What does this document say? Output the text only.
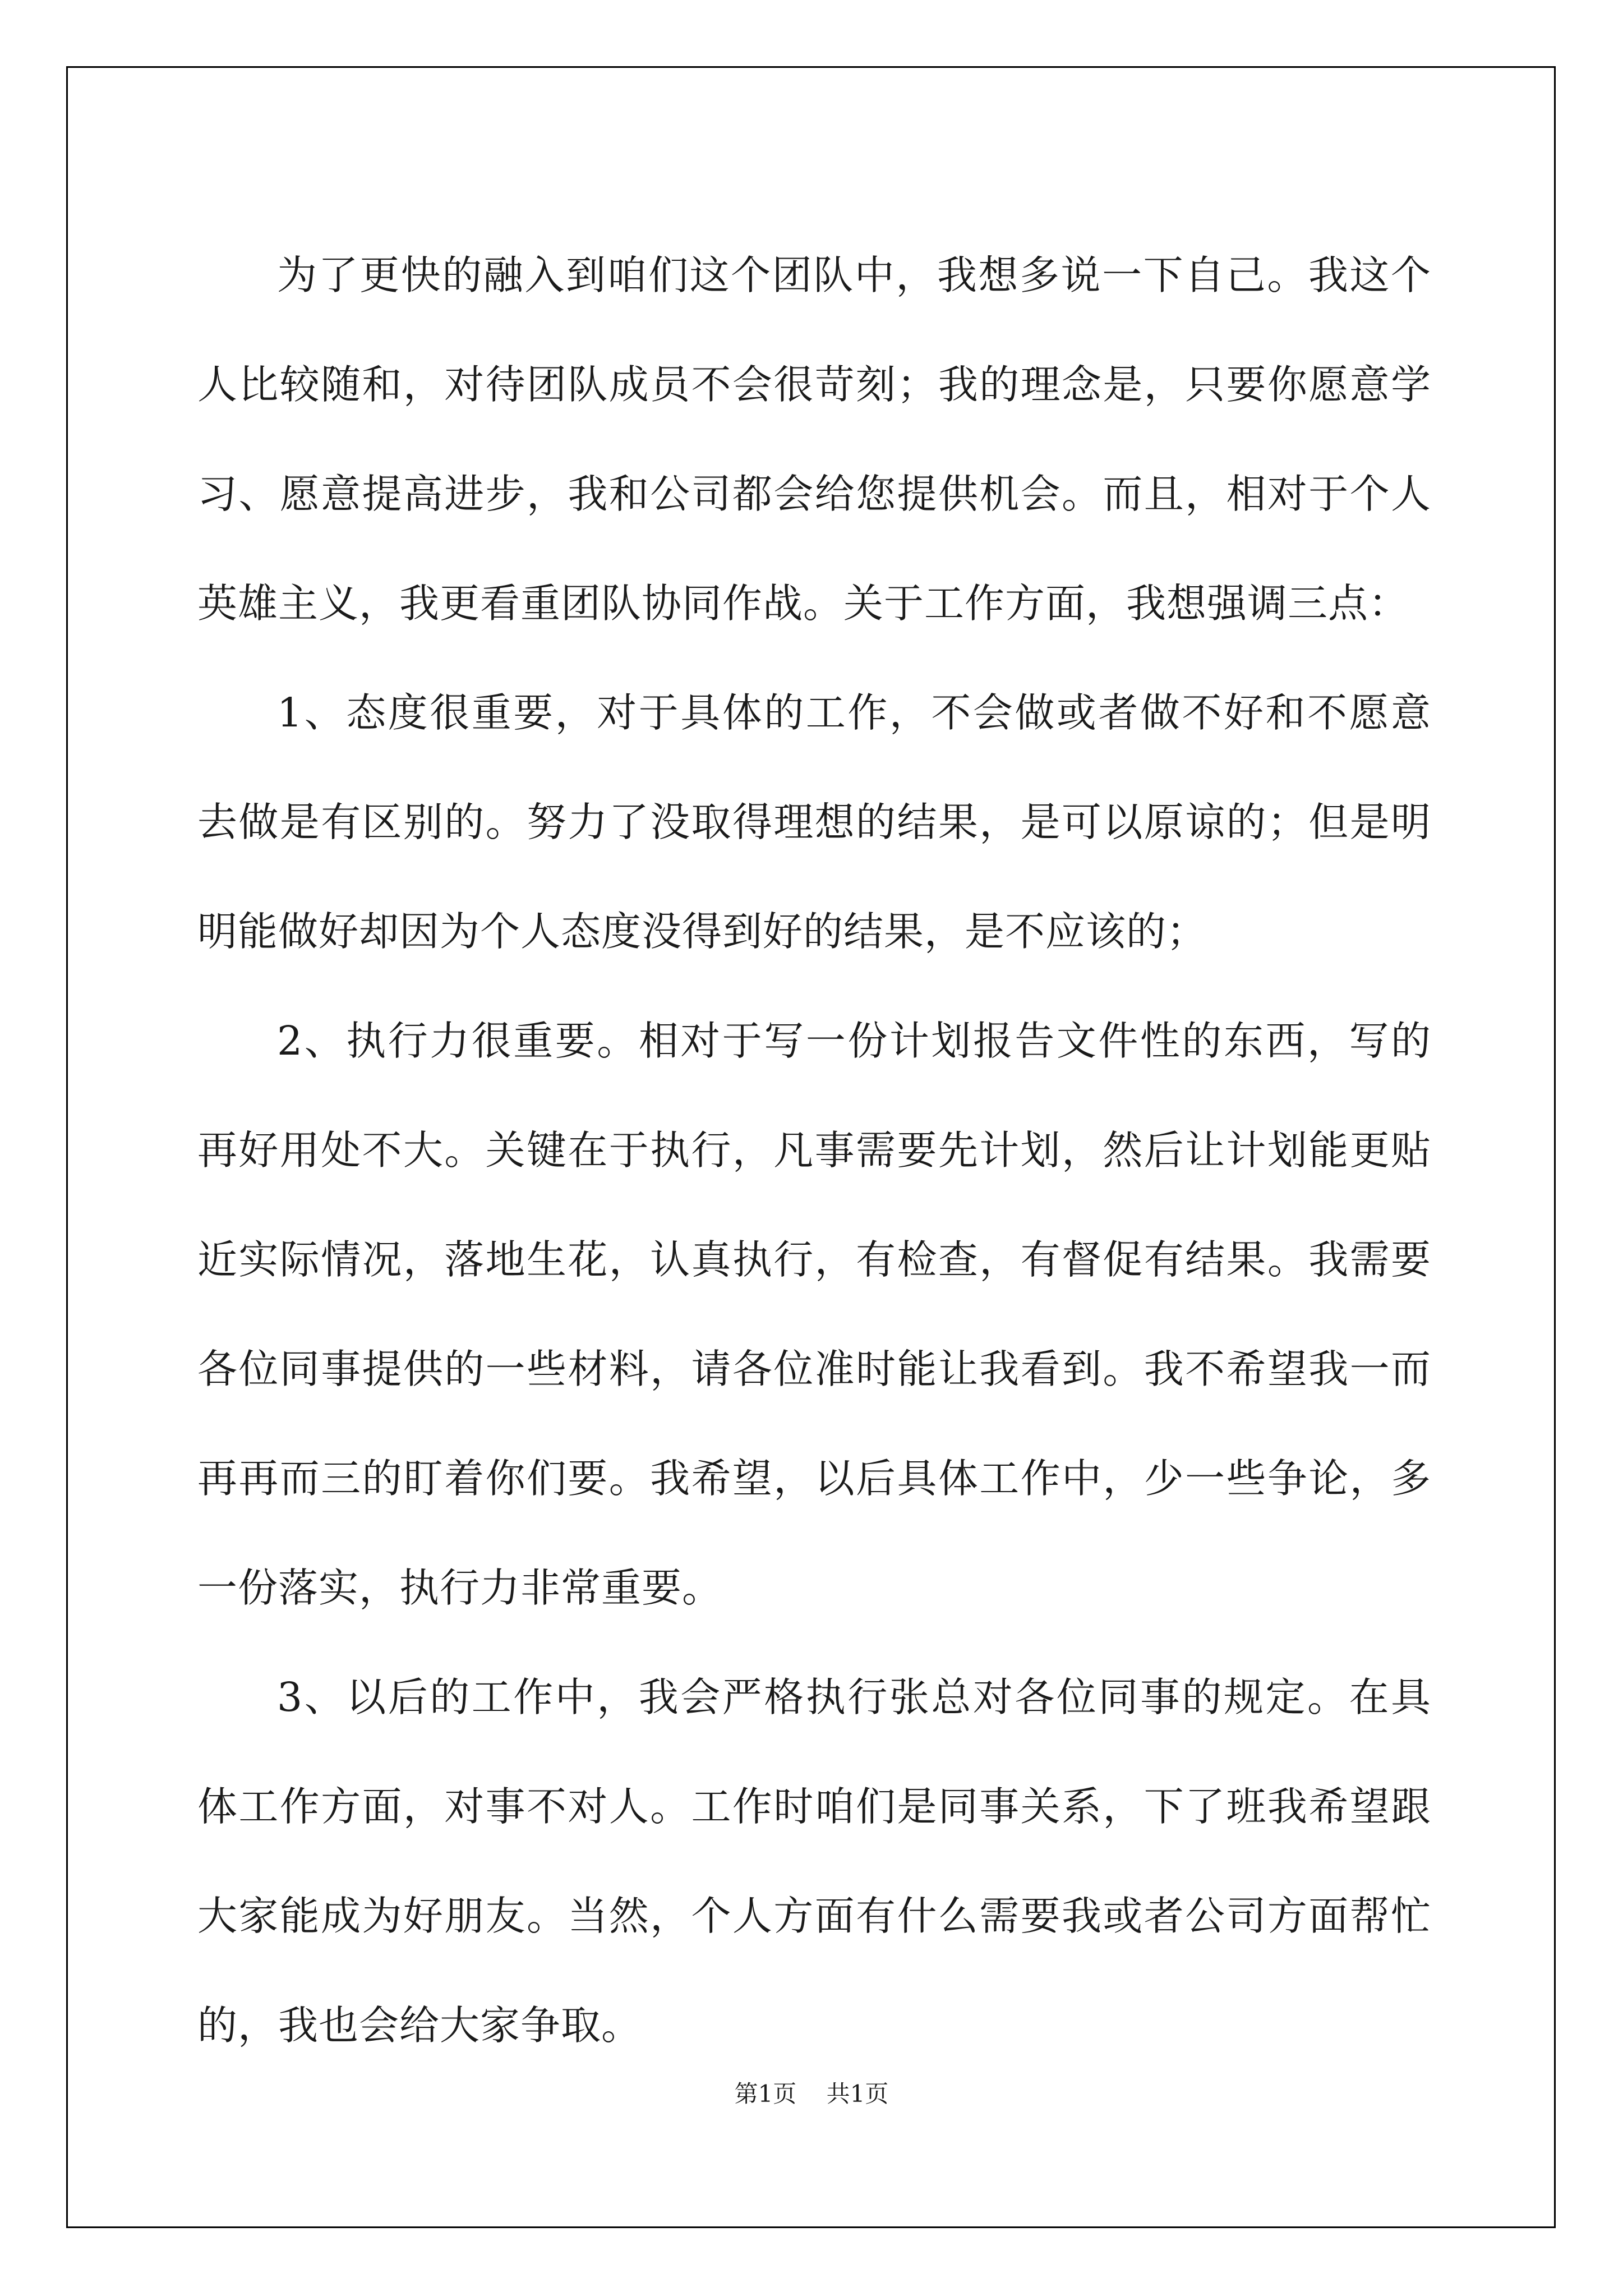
为了更快的融入到咱们这个团队中，我想多说一下自己。我这个人比较随和，对待团队成员不会很苛刻；我的理念是，只要你愿意学习、愿意提高进步，我和公司都会给您提供机会。而且，相对于个人英雄主义，我更看重团队协同作战。关于工作方面，我想强调三点：

1、态度很重要，对于具体的工作，不会做或者做不好和不愿意去做是有区别的。努力了没取得理想的结果，是可以原谅的；但是明明能做好却因为个人态度没得到好的结果，是不应该的；

2、执行力很重要。相对于写一份计划报告文件性的东西，写的再好用处不大。关键在于执行，凡事需要先计划，然后让计划能更贴近实际情况，落地生花，认真执行，有检查，有督促有结果。我需要各位同事提供的一些材料，请各位准时能让我看到。我不希望我一而再再而三的盯着你们要。我希望，以后具体工作中，少一些争论，多一份落实，执行力非常重要。

3、以后的工作中，我会严格执行张总对各位同事的规定。在具体工作方面，对事不对人。工作时咱们是同事关系，下了班我希望跟大家能成为好朋友。当然，个人方面有什么需要我或者公司方面帮忙的，我也会给大家争取。

第1页 共1页
